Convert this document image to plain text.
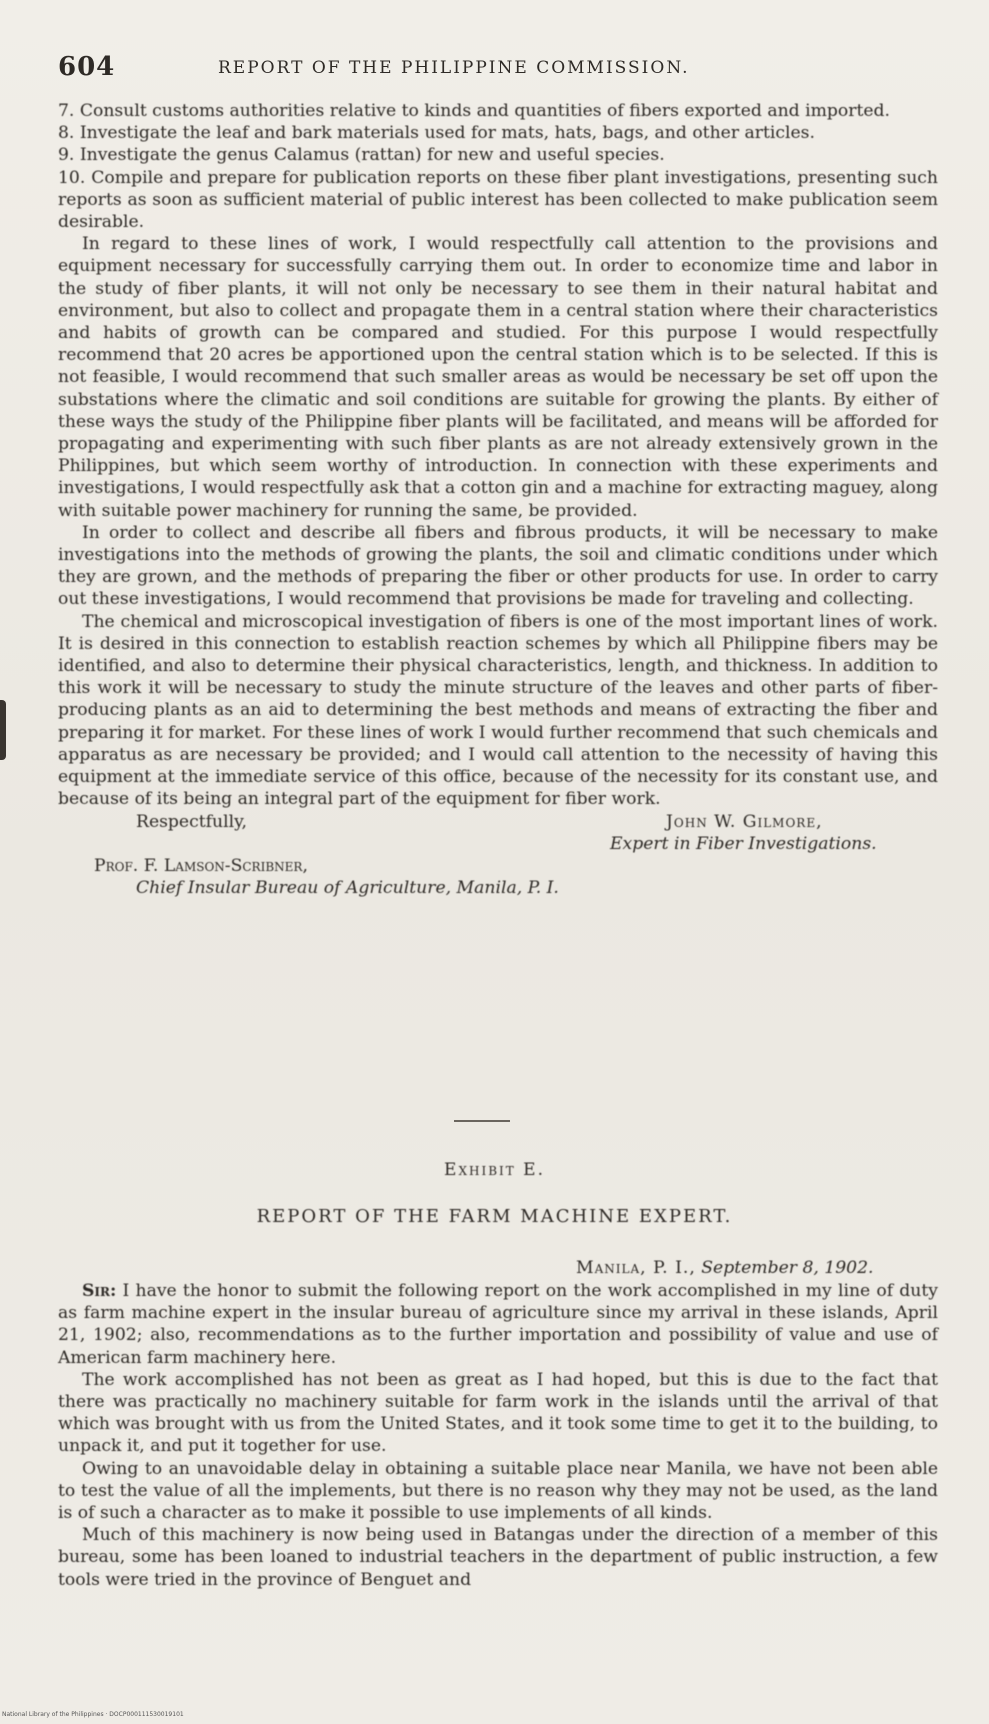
604	REPORT OF THE PHILIPPINE COMMISSION.

7. Consult customs authorities relative to kinds and quantities of fibers exported and imported.

8. Investigate the leaf and bark materials used for mats, hats, bags, and other articles.

9. Investigate the genus Calamus (rattan) for new and useful species.

10. Compile and prepare for publication reports on these fiber plant investigations, presenting such reports as soon as sufficient material of public interest has been collected to make publication seem desirable.

In regard to these lines of work, I would respectfully call attention to the provisions and equipment necessary for successfully carrying them out. In order to economize time and labor in the study of fiber plants, it will not only be necessary to see them in their natural habitat and environment, but also to collect and propagate them in a central station where their characteristics and habits of growth can be compared and studied. For this purpose I would respectfully recommend that 20 acres be apportioned upon the central station which is to be selected. If this is not feasible, I would recommend that such smaller areas as would be necessary be set off upon the substations where the climatic and soil conditions are suitable for growing the plants. By either of these ways the study of the Philippine fiber plants will be facilitated, and means will be afforded for propagating and experimenting with such fiber plants as are not already extensively grown in the Philippines, but which seem worthy of introduction. In connection with these experiments and investigations, I would respectfully ask that a cotton gin and a machine for extracting maguey, along with suitable power machinery for running the same, be provided.

In order to collect and describe all fibers and fibrous products, it will be necessary to make investigations into the methods of growing the plants, the soil and climatic conditions under which they are grown, and the methods of preparing the fiber or other products for use. In order to carry out these investigations, I would recommend that provisions be made for traveling and collecting.

The chemical and microscopical investigation of fibers is one of the most important lines of work. It is desired in this connection to establish reaction schemes by which all Philippine fibers may be identified, and also to determine their physical characteristics, length, and thickness. In addition to this work it will be necessary to study the minute structure of the leaves and other parts of fiber-producing plants as an aid to determining the best methods and means of extracting the fiber and preparing it for market. For these lines of work I would further recommend that such chemicals and apparatus as are necessary be provided; and I would call attention to the necessity of having this equipment at the immediate service of this office, because of the necessity for its constant use, and because of its being an integral part of the equipment for fiber work.

Respectfully,	John W. Gilmore,
Expert in Fiber Investigations.
Prof. F. Lamson-Scribner,
Chief Insular Bureau of Agriculture, Manila, P. I.
Exhibit E.
REPORT OF THE FARM MACHINE EXPERT.
Manila, P. I., September 8, 1902.

Sir: I have the honor to submit the following report on the work accomplished in my line of duty as farm machine expert in the insular bureau of agriculture since my arrival in these islands, April 21, 1902; also, recommendations as to the further importation and possibility of value and use of American farm machinery here.

The work accomplished has not been as great as I had hoped, but this is due to the fact that there was practically no machinery suitable for farm work in the islands until the arrival of that which was brought with us from the United States, and it took some time to get it to the building, to unpack it, and put it together for use.

Owing to an unavoidable delay in obtaining a suitable place near Manila, we have not been able to test the value of all the implements, but there is no reason why they may not be used, as the land is of such a character as to make it possible to use implements of all kinds.

Much of this machinery is now being used in Batangas under the direction of a member of this bureau, some has been loaned to industrial teachers in the department of public instruction, a few tools were tried in the province of Benguet and

National Library of the Philippines · DOCP000111530019101
